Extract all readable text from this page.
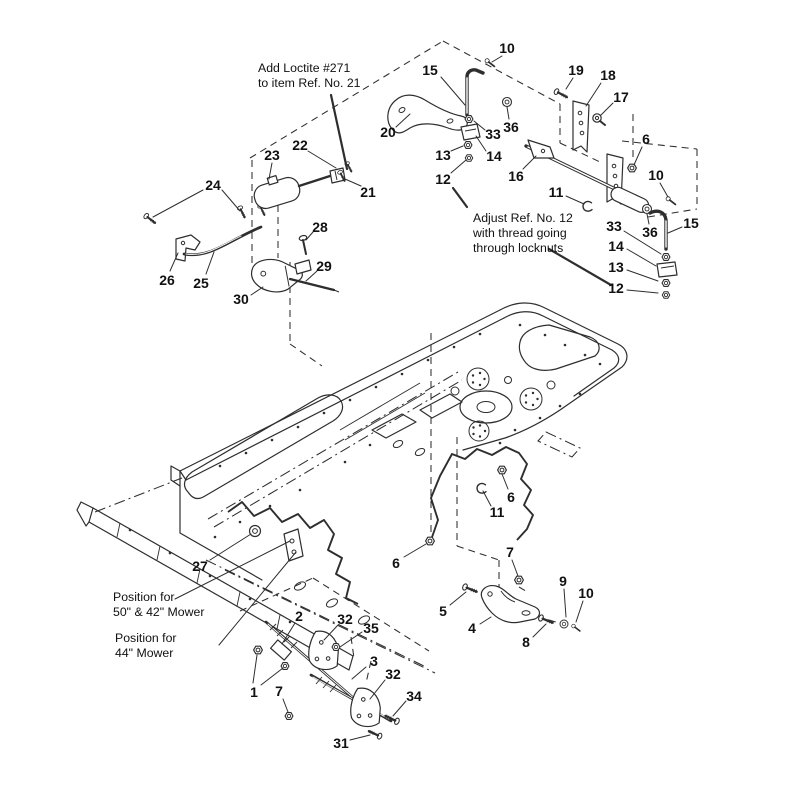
10
15	19 18
17
20	33 36
13	14
12	16
6
10
11
22
23
21
24
28
26 25
29
30
33 36
15
14
13
12
6
11
6
27
7
9
10
5
4
8
2 32
35
3
32
34
1 7
31
Add Loctite #271 to item Ref. No. 21
Adjust Ref. No. 12 with thread going through locknuts
Position for 50" & 42" Mower
Position for 44" Mower
